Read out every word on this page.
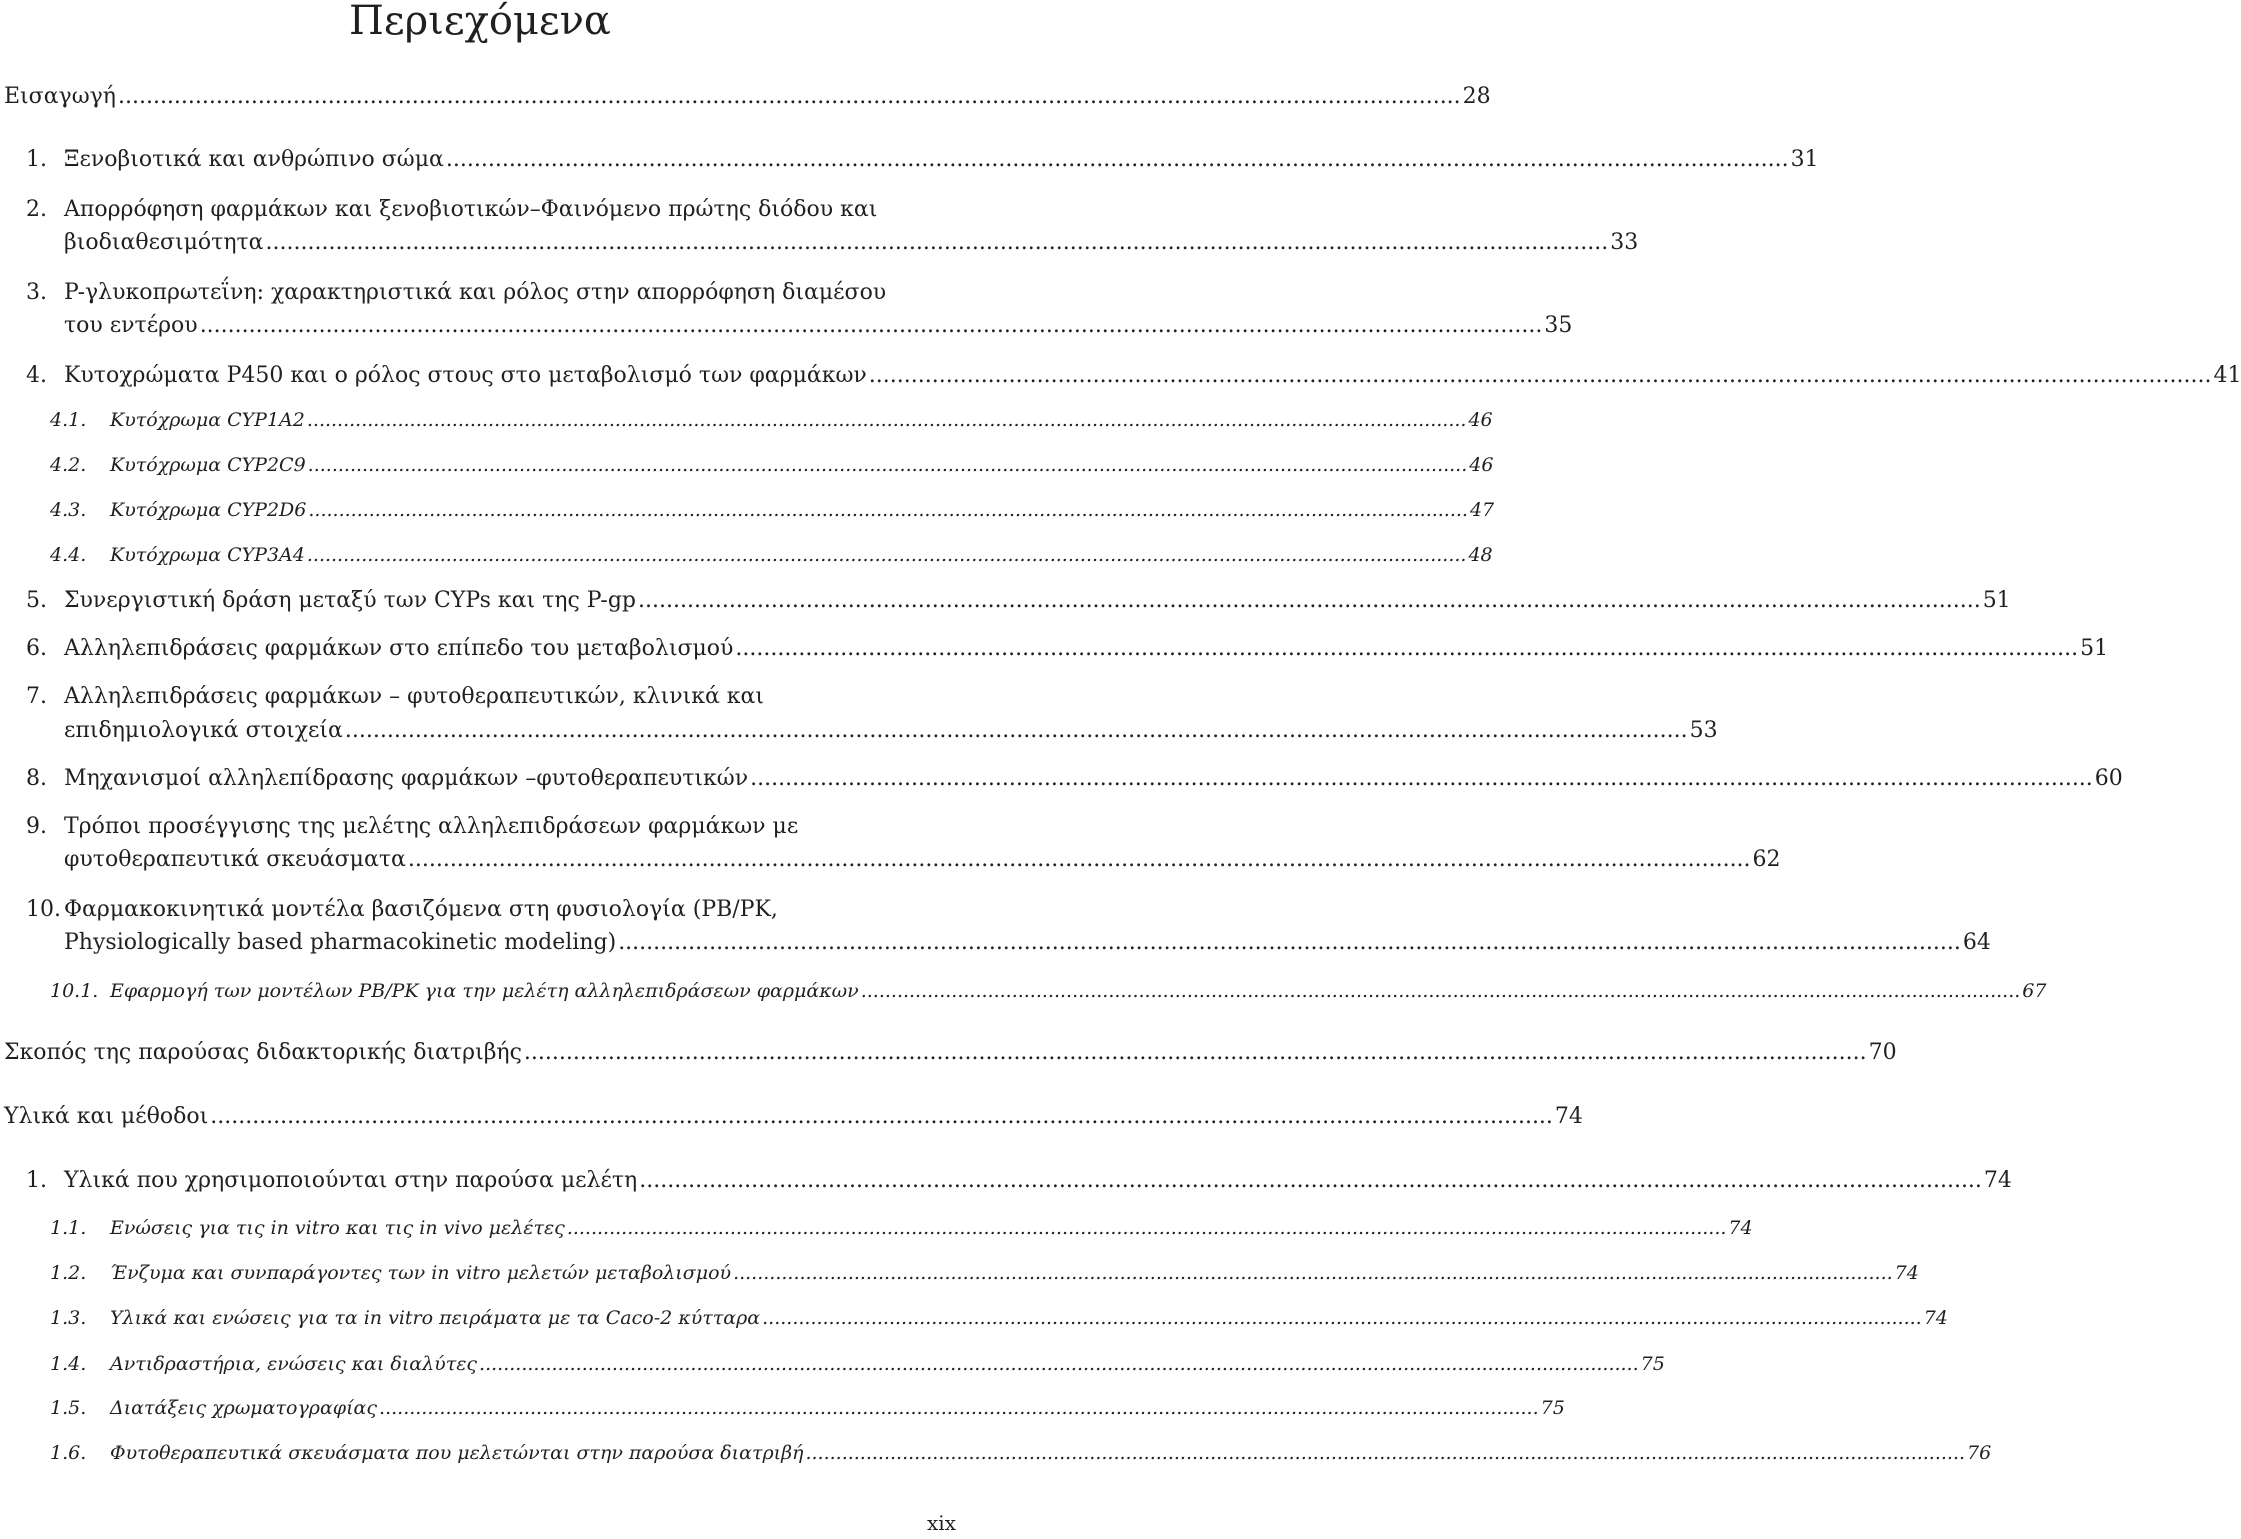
Περιεχόμενα
Εισαγωγή .....	28
1. Ξενοβιοτικά και ανθρώπινο σώμα .....	31
2. Απορρόφηση φαρμάκων και ξενοβιοτικών–Φαινόμενο πρώτης διόδου και
βιοδιαθεσιμότητα .....	33
3. P-γλυκοπρωτεΐνη: χαρακτηριστικά και ρόλος στην απορρόφηση διαμέσου
του εντέρου .....	35
4. Κυτοχρώματα P450 και ο ρόλος στους στο μεταβολισμό των φαρμάκων .....	41
4.1. Κυτόχρωμα CYP1A2 .....	46
4.2. Κυτόχρωμα CYP2C9 .....	46
4.3. Κυτόχρωμα CYP2D6 .....	47
4.4. Κυτόχρωμα CYP3A4 .....	48
5. Συνεργιστική δράση μεταξύ των CYPs και της P-gp .....	51
6. Αλληλεπιδράσεις φαρμάκων στο επίπεδο του μεταβολισμού .....	51
7. Αλληλεπιδράσεις φαρμάκων – φυτοθεραπευτικών, κλινικά και
επιδημιολογικά στοιχεία .....	53
8. Μηχανισμοί αλληλεπίδρασης φαρμάκων –φυτοθεραπευτικών .....	60
9. Τρόποι προσέγγισης της μελέτης αλληλεπιδράσεων φαρμάκων με
φυτοθεραπευτικά σκευάσματα .....	62
10. Φαρμακοκινητικά μοντέλα βασιζόμενα στη φυσιολογία (PB/PK,
Physiologically based pharmacokinetic modeling) .....	64
10.1. Εφαρμογή των μοντέλων PB/PK για την μελέτη αλληλεπιδράσεων φαρμάκων .....	67
Σκοπός της παρούσας διδακτορικής διατριβής .....	70
Υλικά και μέθοδοι .....	74
1. Υλικά που χρησιμοποιούνται στην παρούσα μελέτη .....	74
1.1. Ενώσεις για τις in vitro και τις in vivo μελέτες .....	74
1.2. Ένζυμα και συνπαράγοντες των in vitro μελετών μεταβολισμού .....	74
1.3. Υλικά και ενώσεις για τα in vitro πειράματα με τα Caco-2 κύτταρα .....	74
1.4. Αντιδραστήρια, ενώσεις και διαλύτες .....	75
1.5. Διατάξεις χρωματογραφίας .....	75
1.6. Φυτοθεραπευτικά σκευάσματα που μελετώνται στην παρούσα διατριβή .....	76
xix
